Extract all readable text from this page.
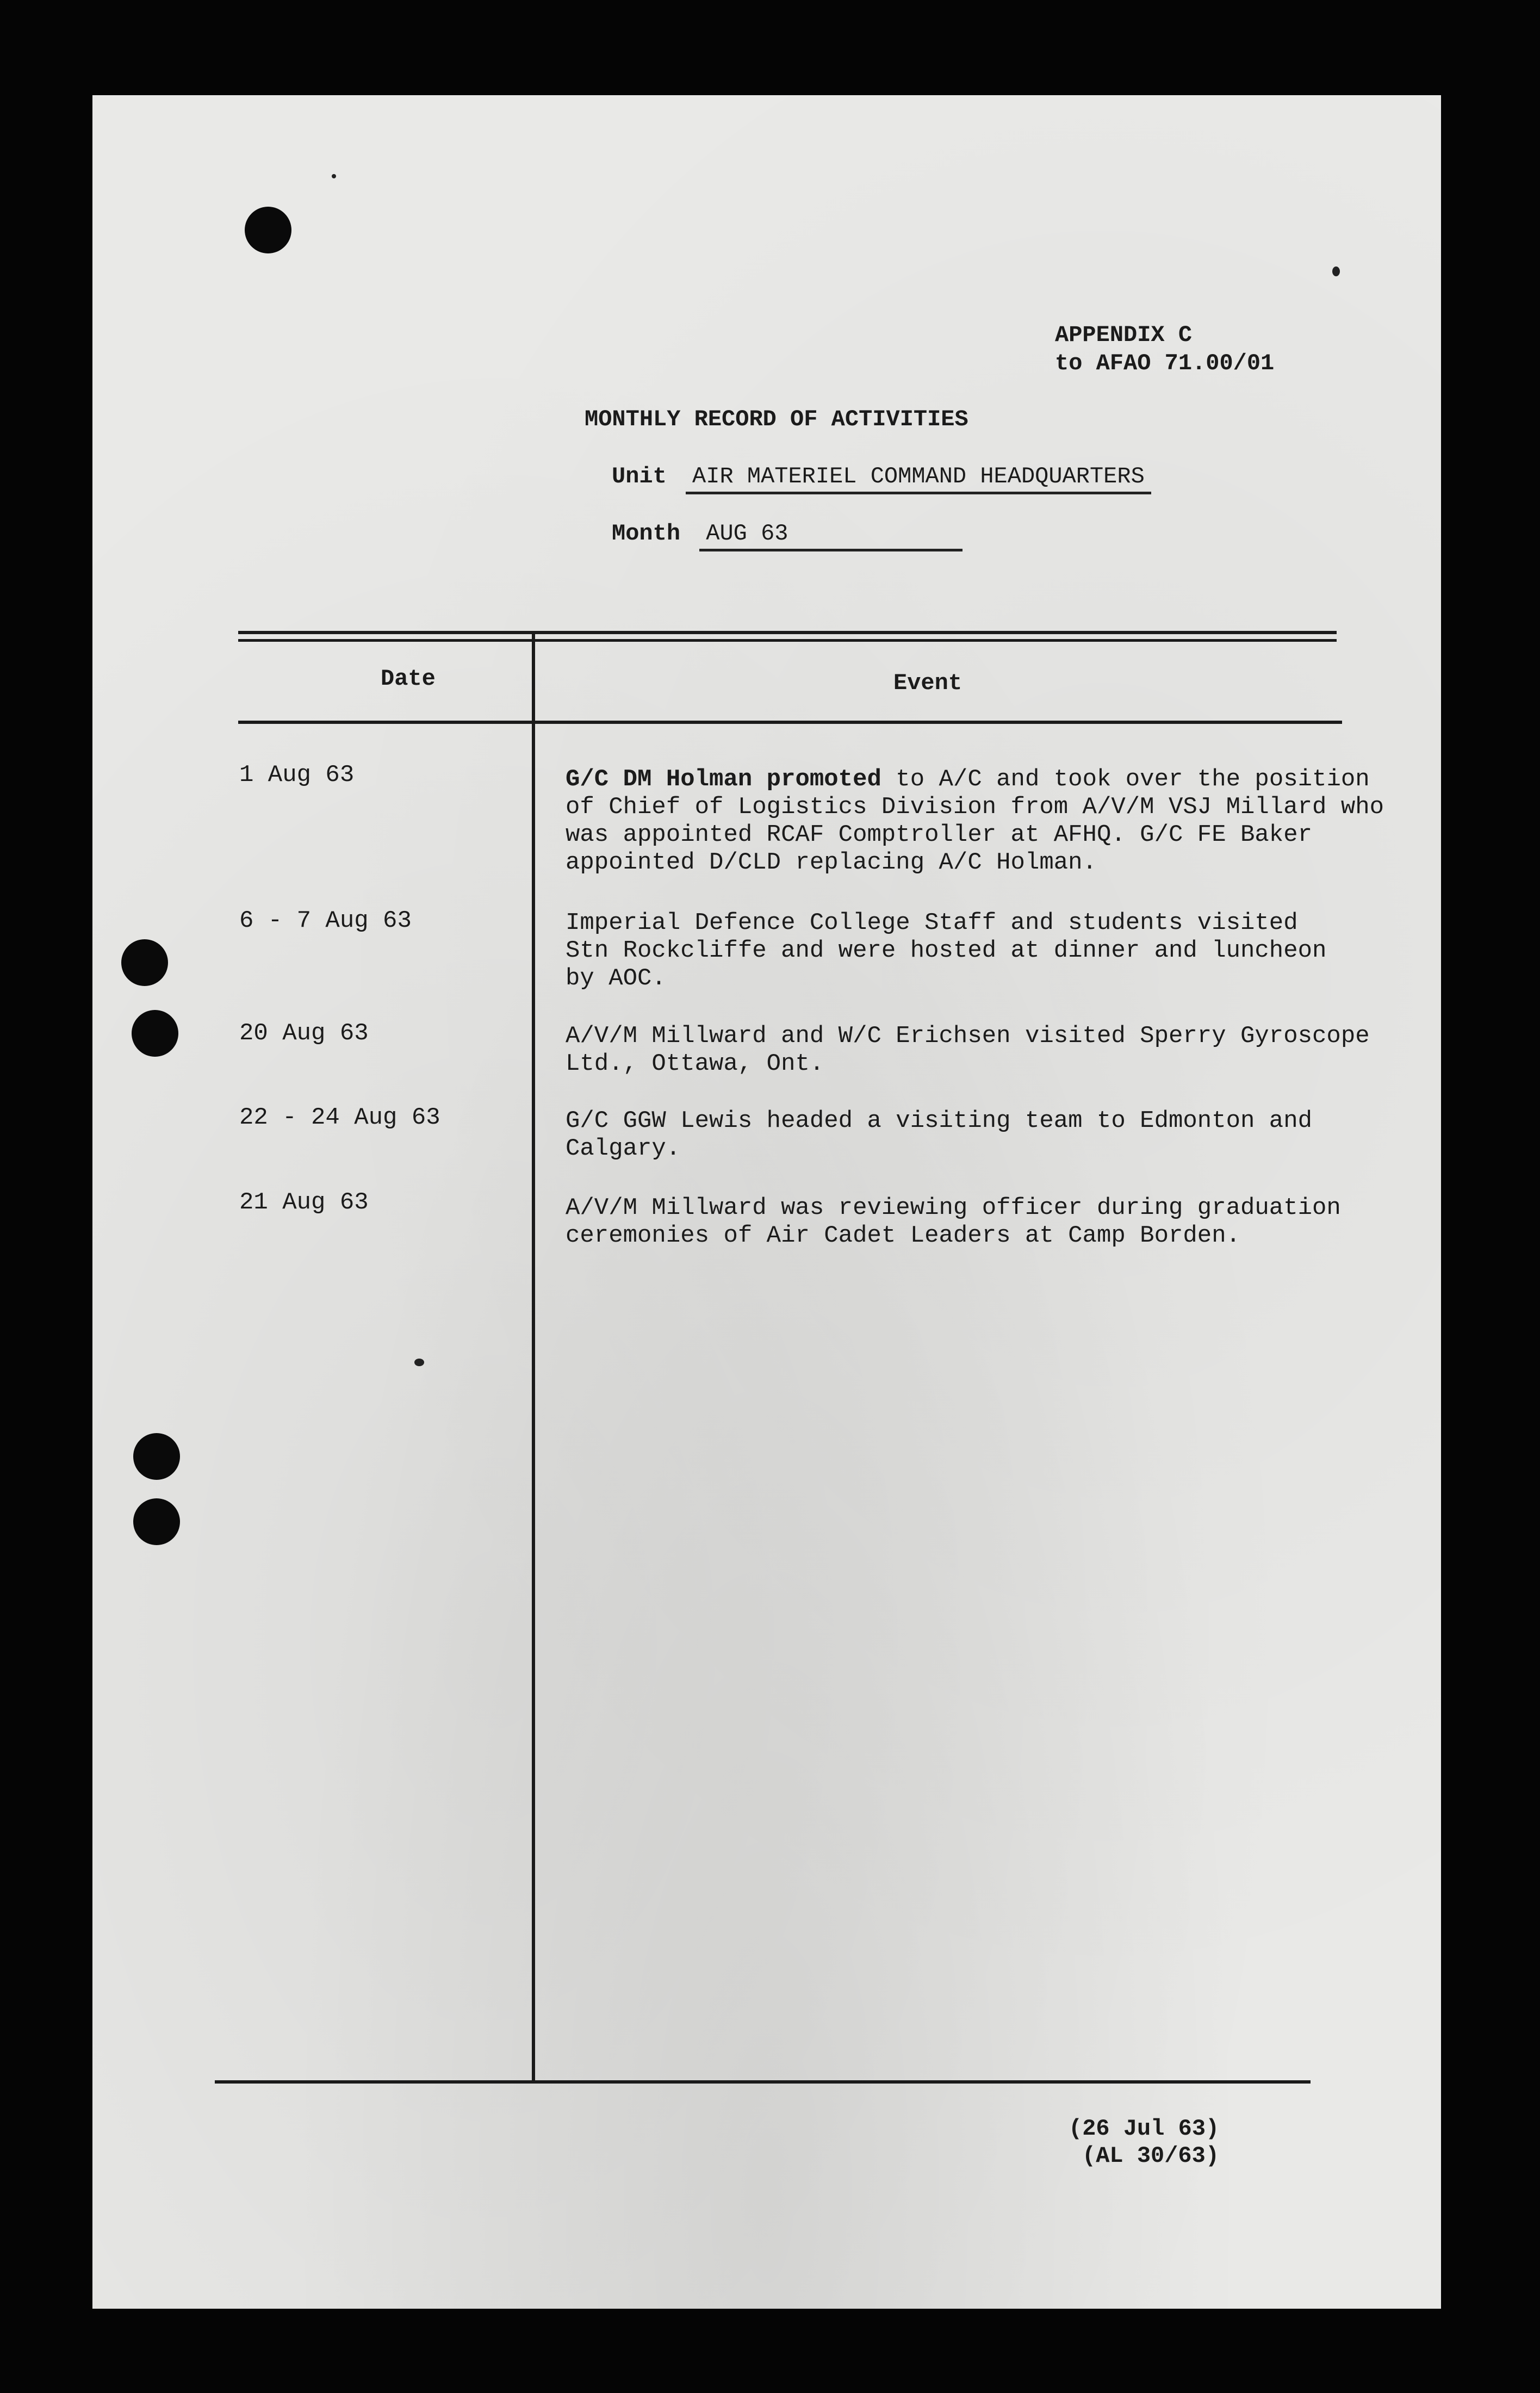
APPENDIX C
to AFAO 71.00/01
MONTHLY RECORD OF ACTIVITIES
Unit AIR MATERIEL COMMAND HEADQUARTERS
Month AUG 63
Date	Event
1 Aug 63	G/C DM Holman promoted to A/C and took over the position
of Chief of Logistics Division from A/V/M VSJ Millard who
was appointed RCAF Comptroller at AFHQ. G/C FE Baker
appointed D/CLD replacing A/C Holman.
6 - 7 Aug 63	Imperial Defence College Staff and students visited
Stn Rockcliffe and were hosted at dinner and luncheon
by AOC.
20 Aug 63	A/V/M Millward and W/C Erichsen visited Sperry Gyroscope
Ltd., Ottawa, Ont.
22 - 24 Aug 63	G/C GGW Lewis headed a visiting team to Edmonton and
Calgary.
21 Aug 63	A/V/M Millward was reviewing officer during graduation
ceremonies of Air Cadet Leaders at Camp Borden.
(26 Jul 63)
(AL 30/63)
